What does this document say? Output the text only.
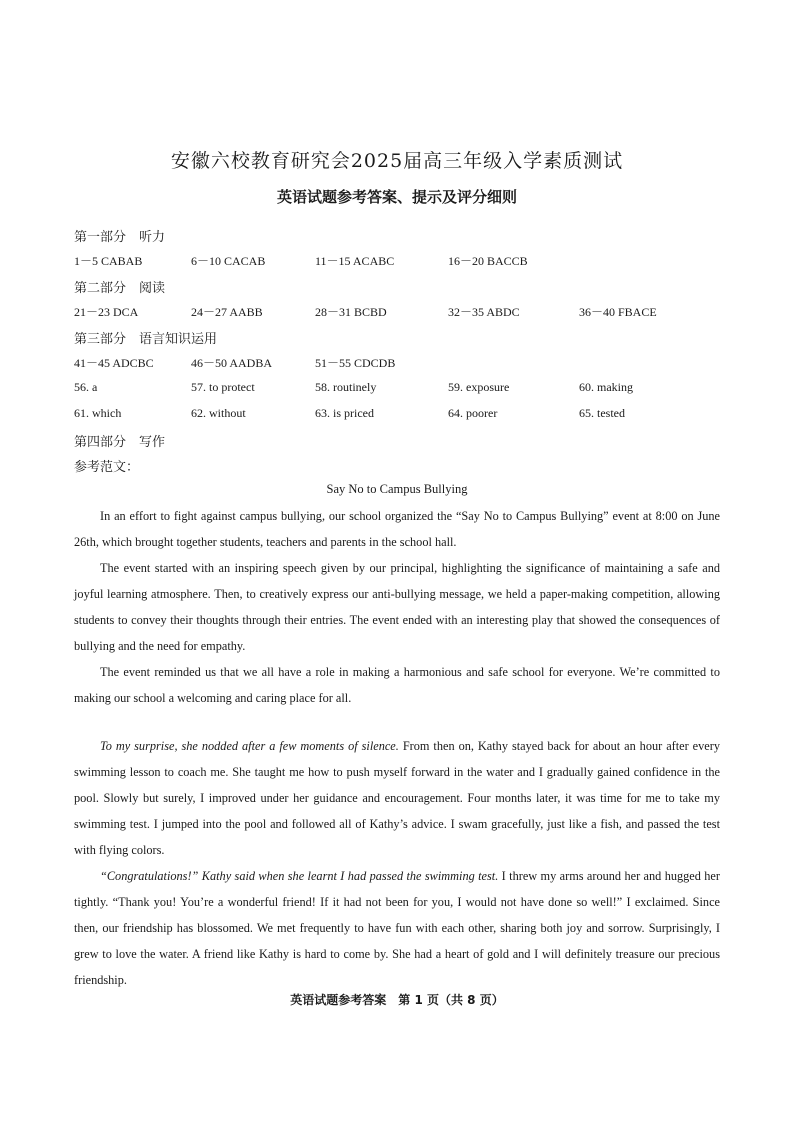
安徽六校教育研究会2025届高三年级入学素质测试
英语试题参考答案、提示及评分细则
第一部分　听力
1－5 CABAB	6－10 CACAB	11－15 ACABC	16－20 BACCB
第二部分　阅读
21－23 DCA	24－27 AABB	28－31 BCBD	32－35 ABDC	36－40 FBACE
第三部分　语言知识运用
41－45 ADCBC	46－50 AADBA	51－55 CDCDB
56. a	57. to protect	58. routinely	59. exposure	60. making
61. which	62. without	63. is priced	64. poorer	65. tested
第四部分　写作
参考范文：
Say No to Campus Bullying

In an effort to fight against campus bullying, our school organized the “Say No to Campus Bullying” event at 8:00 on June 26th, which brought together students, teachers and parents in the school hall.

The event started with an inspiring speech given by our principal, highlighting the significance of maintaining a safe and joyful learning atmosphere. Then, to creatively express our anti-bullying message, we held a paper-making competition, allowing students to convey their thoughts through their entries. The event ended with an interesting play that showed the consequences of bullying and the need for empathy.

The event reminded us that we all have a role in making a harmonious and safe school for everyone. We’re committed to making our school a welcoming and caring place for all.

To my surprise, she nodded after a few moments of silence. From then on, Kathy stayed back for about an hour after every swimming lesson to coach me. She taught me how to push myself forward in the water and I gradually gained confidence in the pool. Slowly but surely, I improved under her guidance and encouragement. Four months later, it was time for me to take my swimming test. I jumped into the pool and followed all of Kathy’s advice. I swam gracefully, just like a fish, and passed the test with flying colors.

“Congratulations!” Kathy said when she learnt I had passed the swimming test. I threw my arms around her and hugged her tightly. “Thank you! You’re a wonderful friend! If it had not been for you, I would not have done so well!” I exclaimed. Since then, our friendship has blossomed. We met frequently to have fun with each other, sharing both joy and sorrow. Surprisingly, I grew to love the water. A friend like Kathy is hard to come by. She had a heart of gold and I will definitely treasure our precious friendship.

英语试题参考答案　第 1 页（共 8 页）
